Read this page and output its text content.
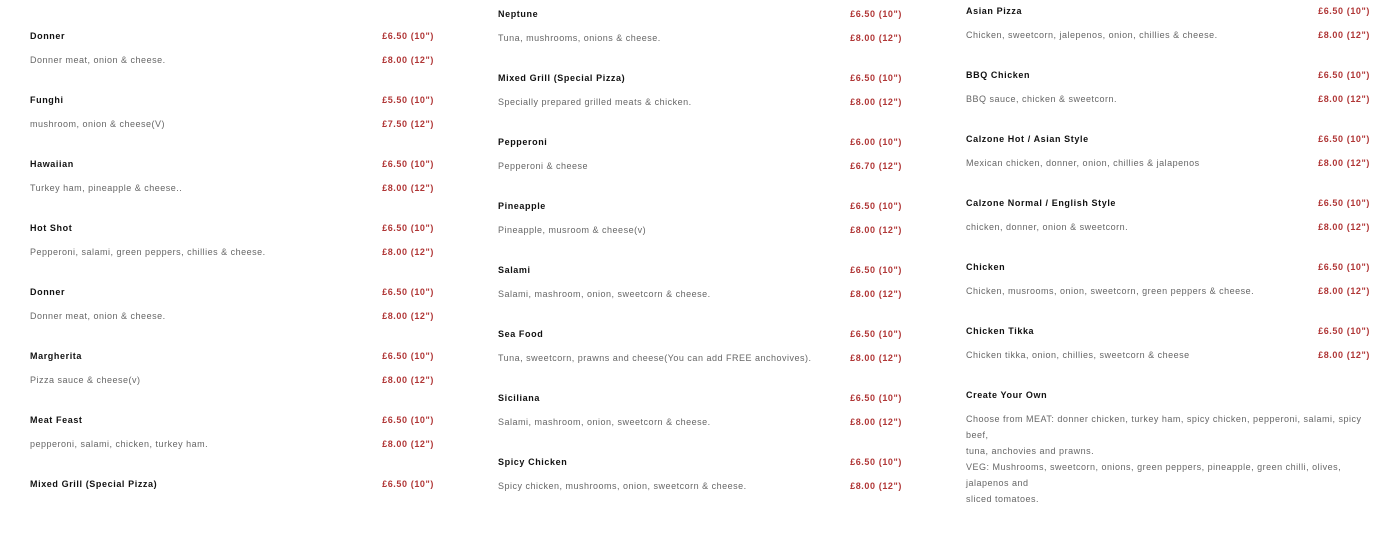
Donner	£6.50 (10")
Donner meat, onion & cheese.	£8.00 (12")
Funghi	£5.50 (10")
mushroom, onion & cheese(V)	£7.50 (12")
Hawaiian	£6.50 (10")
Turkey ham, pineapple & cheese..	£8.00 (12")
Hot Shot	£6.50 (10")
Pepperoni, salami, green peppers, chillies & cheese.	£8.00 (12")
Donner	£6.50 (10")
Donner meat, onion & cheese.	£8.00 (12")
Margherita	£6.50 (10")
Pizza sauce & cheese(v)	£8.00 (12")
Meat Feast	£6.50 (10")
pepperoni, salami, chicken, turkey ham.	£8.00 (12")
Mixed Grill (Special Pizza)	£6.50 (10")
Neptune	£6.50 (10")
Tuna, mushrooms, onions & cheese.	£8.00 (12")
Mixed Grill (Special Pizza)	£6.50 (10")
Specially prepared grilled meats & chicken.	£8.00 (12")
Pepperoni	£6.00 (10")
Pepperoni & cheese	£6.70 (12")
Pineapple	£6.50 (10")
Pineapple, musroom & cheese(v)	£8.00 (12")
Salami	£6.50 (10")
Salami, mashroom, onion, sweetcorn & cheese.	£8.00 (12")
Sea Food	£6.50 (10")
Tuna, sweetcorn, prawns and cheese(You can add FREE anchovives).	£8.00 (12")
Siciliana	£6.50 (10")
Salami, mashroom, onion, sweetcorn & cheese.	£8.00 (12")
Spicy Chicken	£6.50 (10")
Spicy chicken, mushrooms, onion, sweetcorn & cheese.	£8.00 (12")
Asian Pizza	£6.50 (10")
Chicken, sweetcorn, jalepenos, onion, chillies & cheese.	£8.00 (12")
BBQ Chicken	£6.50 (10")
BBQ sauce, chicken & sweetcorn.	£8.00 (12")
Calzone Hot / Asian Style	£6.50 (10")
Mexican chicken, donner, onion, chillies & jalapenos	£8.00 (12")
Calzone Normal / English Style	£6.50 (10")
chicken, donner, onion & sweetcorn.	£8.00 (12")
Chicken	£6.50 (10")
Chicken, musrooms, onion, sweetcorn, green peppers & cheese.	£8.00 (12")
Chicken Tikka	£6.50 (10")
Chicken tikka, onion, chillies, sweetcorn & cheese	£8.00 (12")
Create Your Own
Choose from MEAT: donner chicken, turkey ham, spicy chicken, pepperoni, salami, spicy beef,
tuna, anchovies and prawns.
VEG: Mushrooms, sweetcorn, onions, green peppers, pineapple, green chilli, olives, jalapenos and
sliced tomatoes.
